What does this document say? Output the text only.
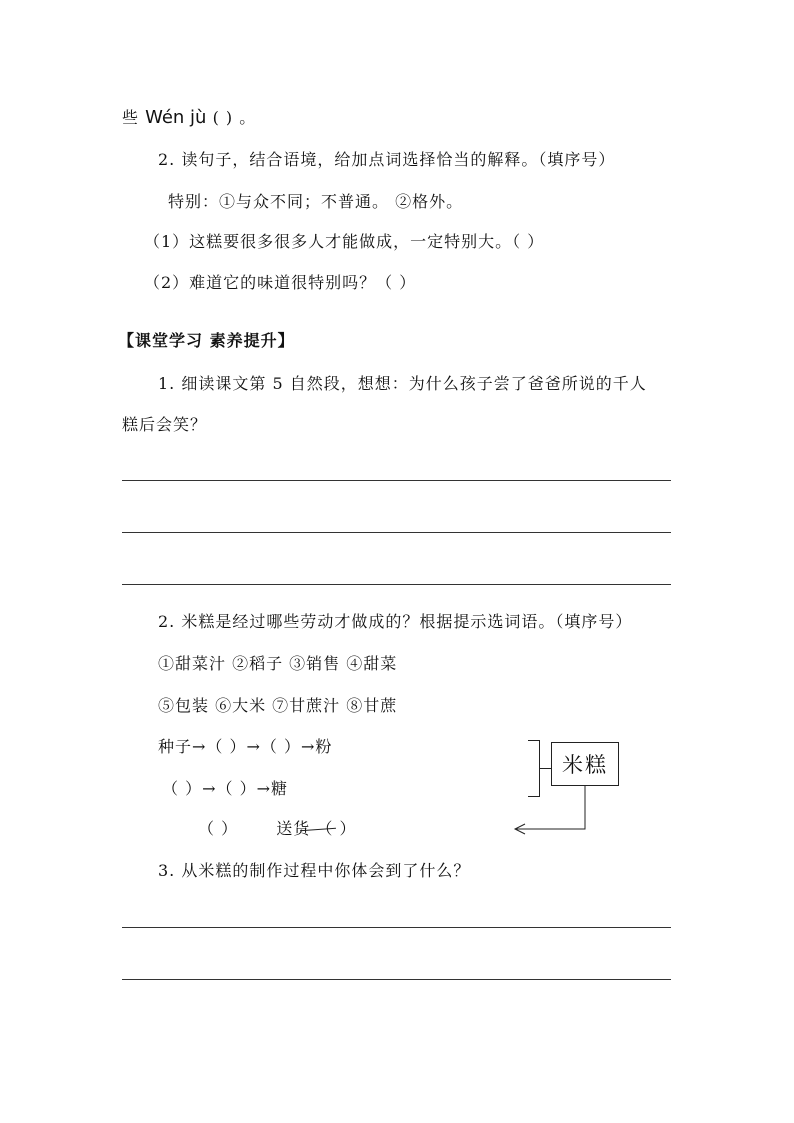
些 Wén jù ( ) 。
2. 读句子，结合语境，给加点词选择恰当的解释。（填序号）
特别：①与众不同；不普通。 ②格外。
（1）这糕要很多很多人才能做成，一定特别大。（ ）
（2）难道它的味道很特别吗？（ ）
【课堂学习 素养提升】
1. 细读课文第 5 自然段，想想：为什么孩子尝了爸爸所说的千人
糕后会笑？
2. 米糕是经过哪些劳动才做成的？根据提示选词语。（填序号）
①甜菜汁 ②稻子 ③销售 ④甜菜
⑤包装 ⑥大米 ⑦甘蔗汁 ⑧甘蔗
种子→（ ）→（ ）→粉
（ ）→（ ）→糖
（ ） 送货 （ ）
米糕
3. 从米糕的制作过程中你体会到了什么？
